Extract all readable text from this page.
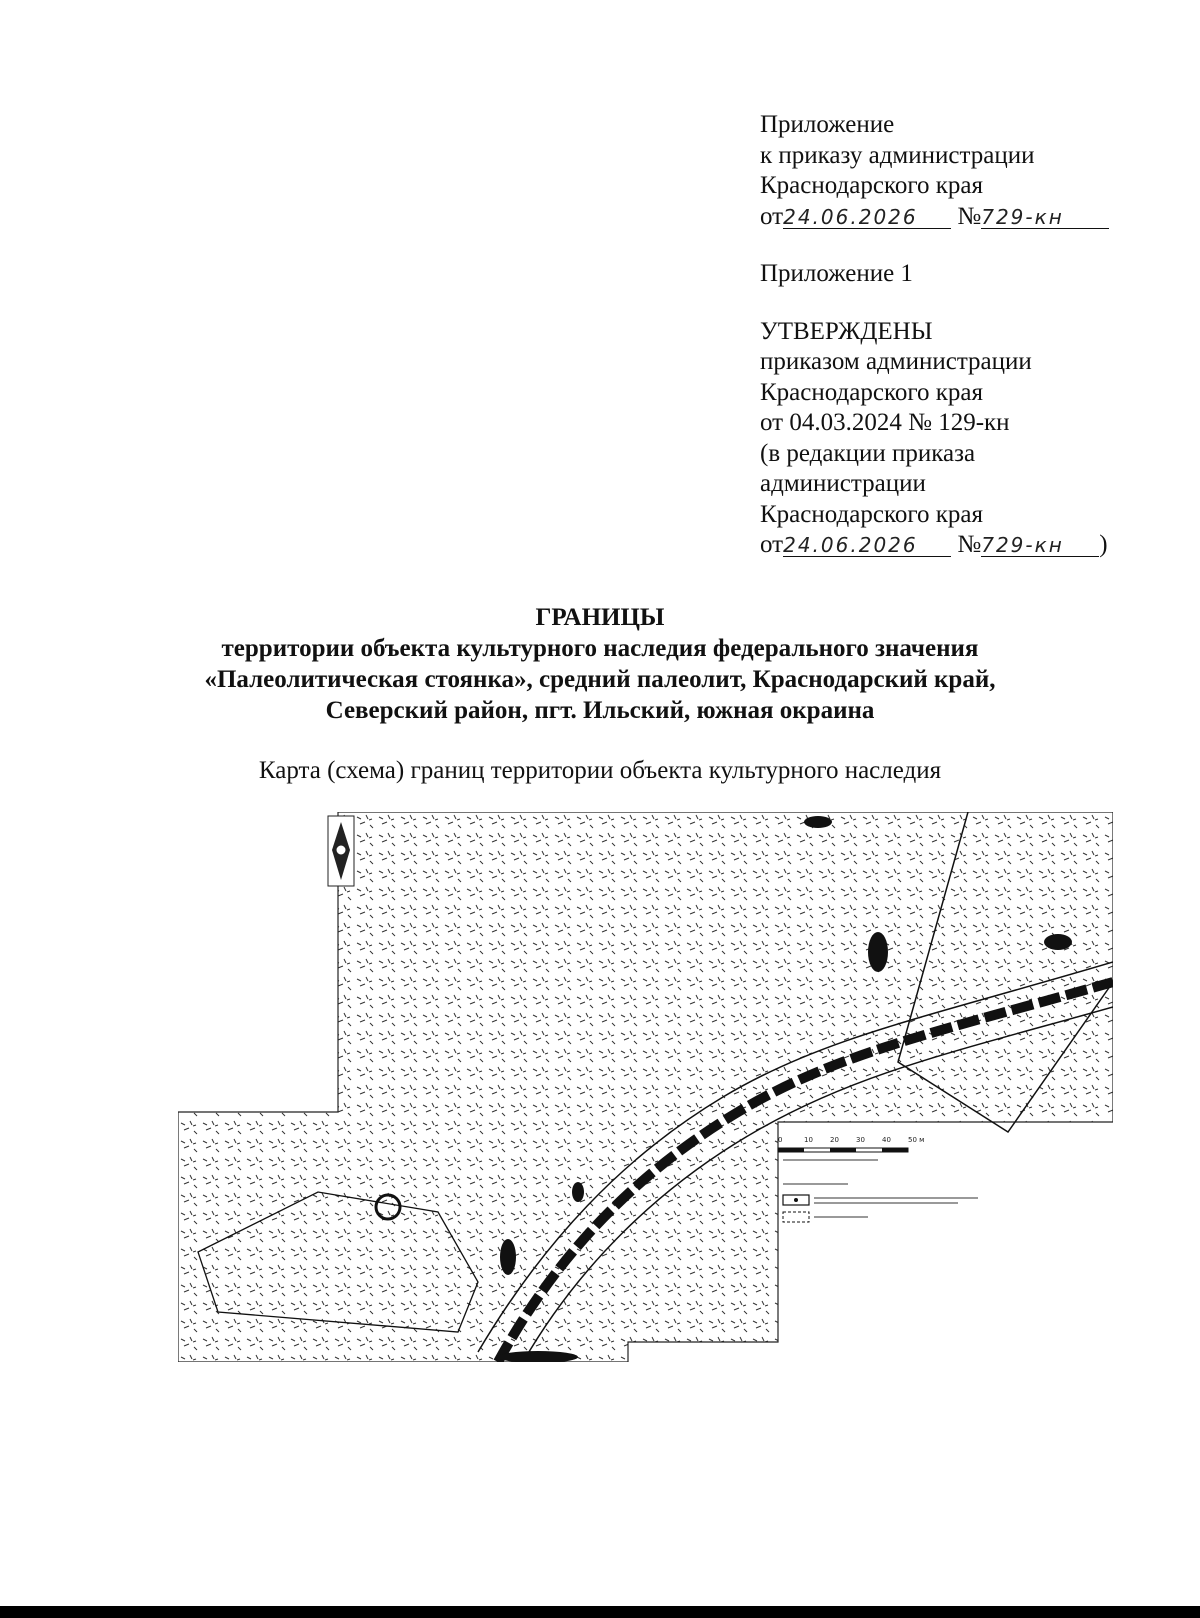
Приложение
к приказу администрации
Краснодарского края
от24.06.2026 №729-кн
Приложение 1
УТВЕРЖДЕНЫ
приказом администрации
Краснодарского края
от 04.03.2024 № 129-кн
(в редакции приказа
администрации
Краснодарского края
от24.06.2026 №729-кн )
ГРАНИЦЫ
территории объекта культурного наследия федерального значения
«Палеолитическая стоянка», средний палеолит, Краснодарский край,
Северский район, пгт. Ильский, южная окраина
Карта (схема) границ территории объекта культурного наследия
0	10 20 30 40 50 м
